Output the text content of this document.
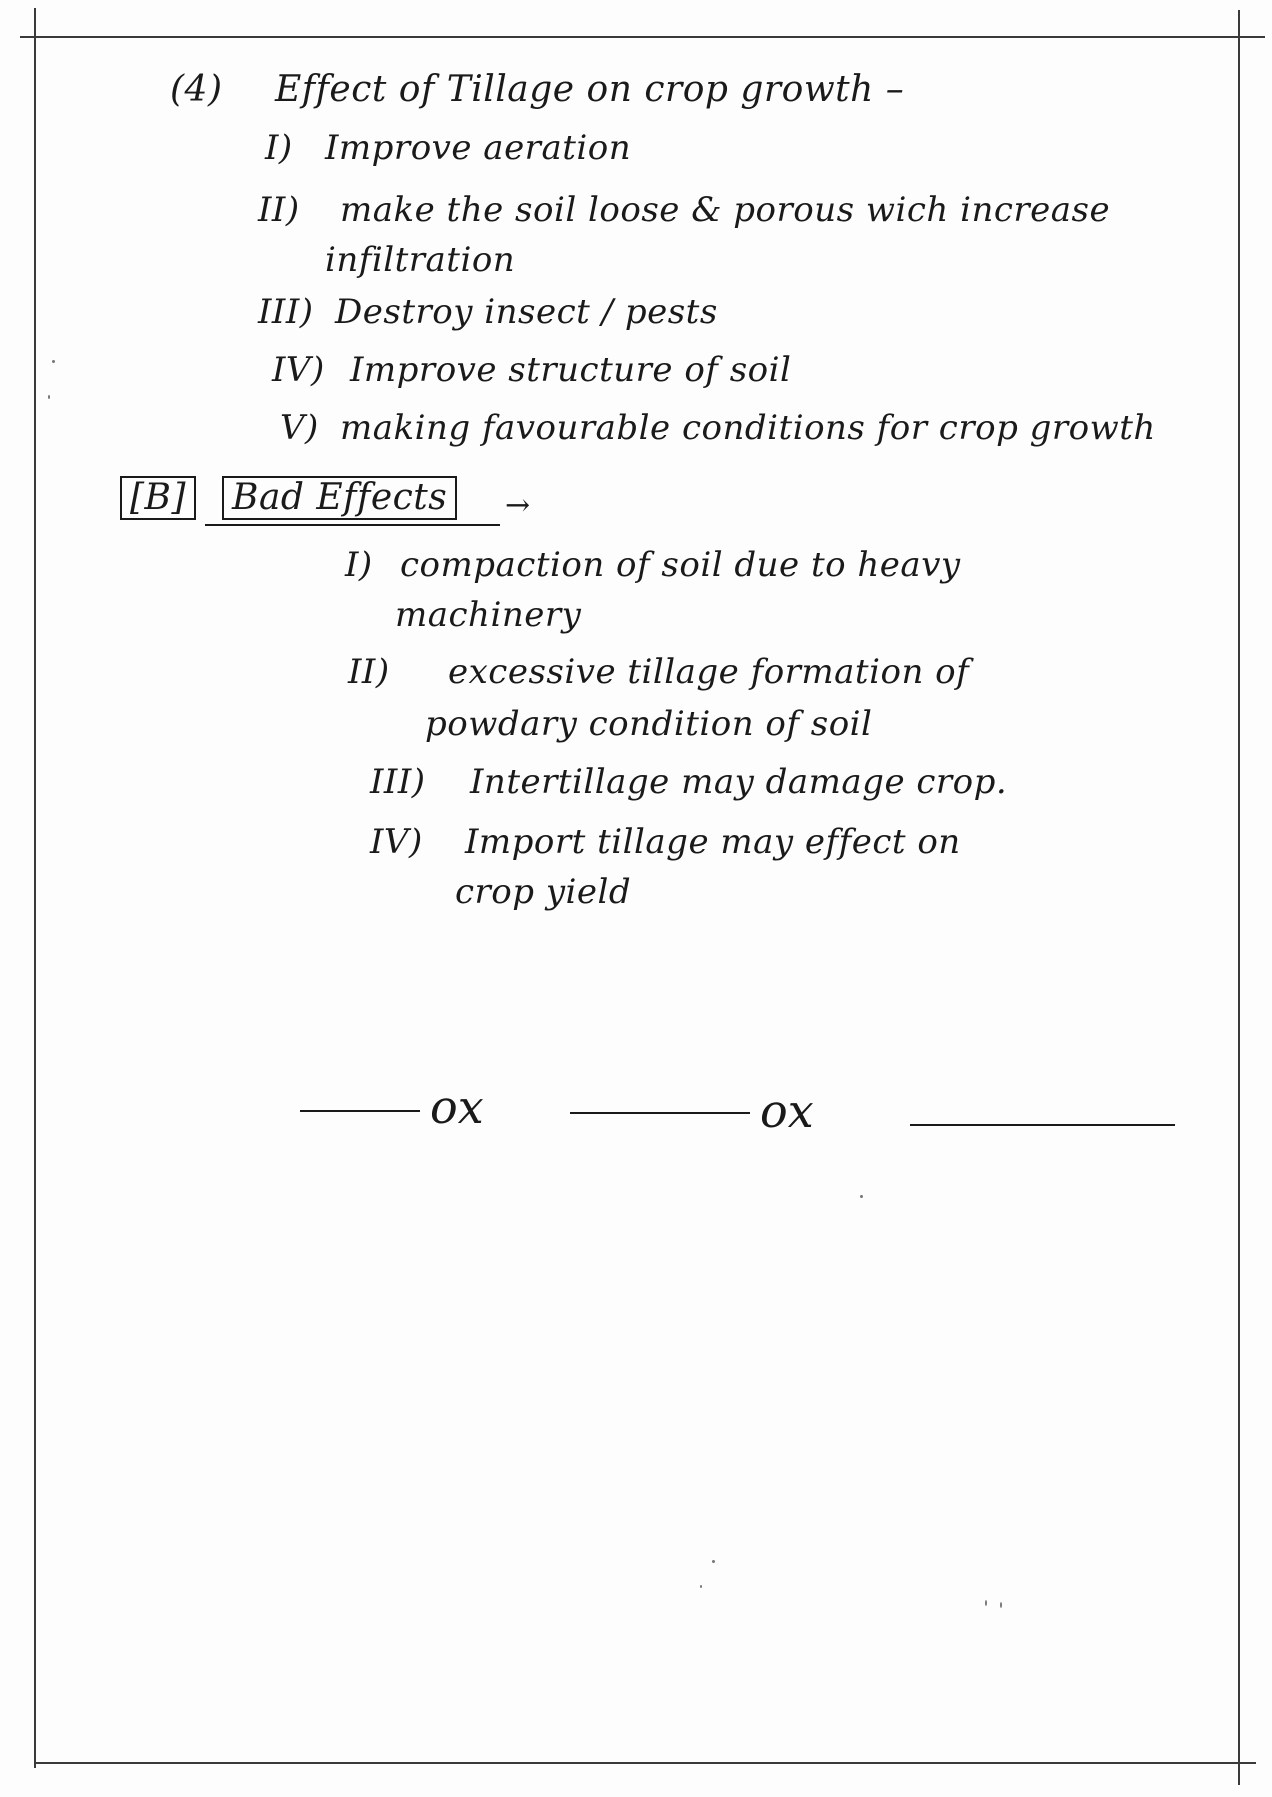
(4) Effect of Tillage on crop growth –
I) Improve aeration
II) make the soil loose & porous wich increase
infiltration
III) Destroy insect / pests
IV) Improve structure of soil
V) making favourable conditions for crop growth
[B] Bad Effects	→
I) compaction of soil due to heavy
machinery
II) excessive tillage formation of
powdary condition of soil
III) Intertillage may damage crop.
IV) Import tillage may effect on
crop yield
ox	ox
